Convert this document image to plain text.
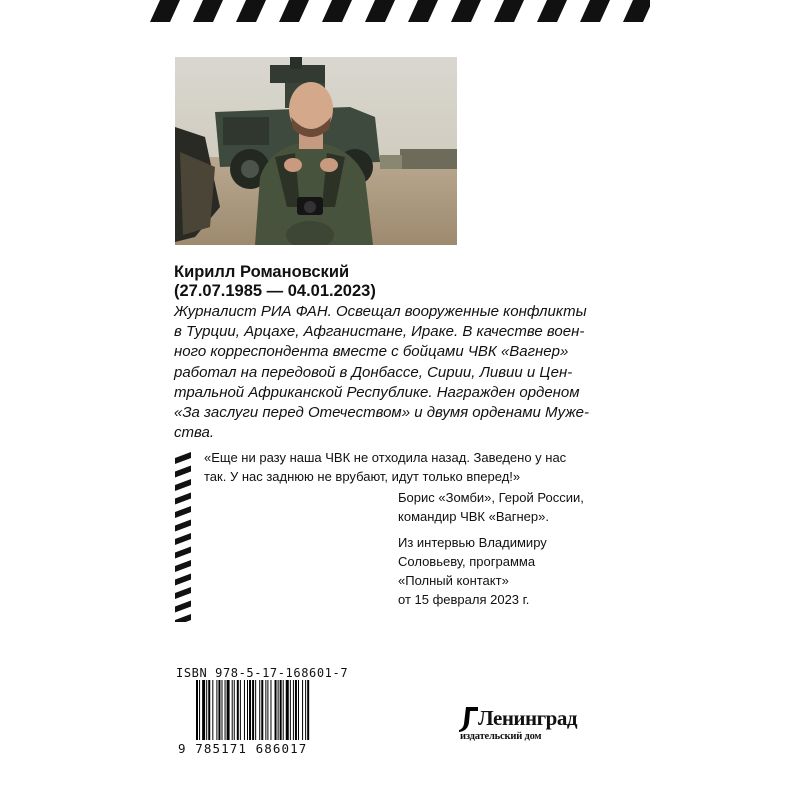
Кирилл Романовский
(27.07.1985 — 04.01.2023)

Журналист РИА ФАН. Освещал вооруженные конфликты
в Турции, Арцахе, Афганистане, Ираке. В качестве воен-
ного корреспондента вместе с бойцами ЧВК «Вагнер»
работал на передовой в Донбассе, Сирии, Ливии и Цен-
тральной Африканской Республике. Награжден орденом
«За заслуги перед Отечеством» и двумя орденами Муже-
ства.

«Еще ни разу наша ЧВК не отходила назад. Заведено у нас
так. У нас заднюю не врубают, идут только вперед!»

Борис «Зомби», Герой России,
командир ЧВК «Вагнер».
Из интервью Владимиру
Соловьеву, программа
«Полный контакт»
от 15 февраля 2023 г.
ISBN 978-5-17-168601-7
9 785171 686017
Ленинград
издательский дом
